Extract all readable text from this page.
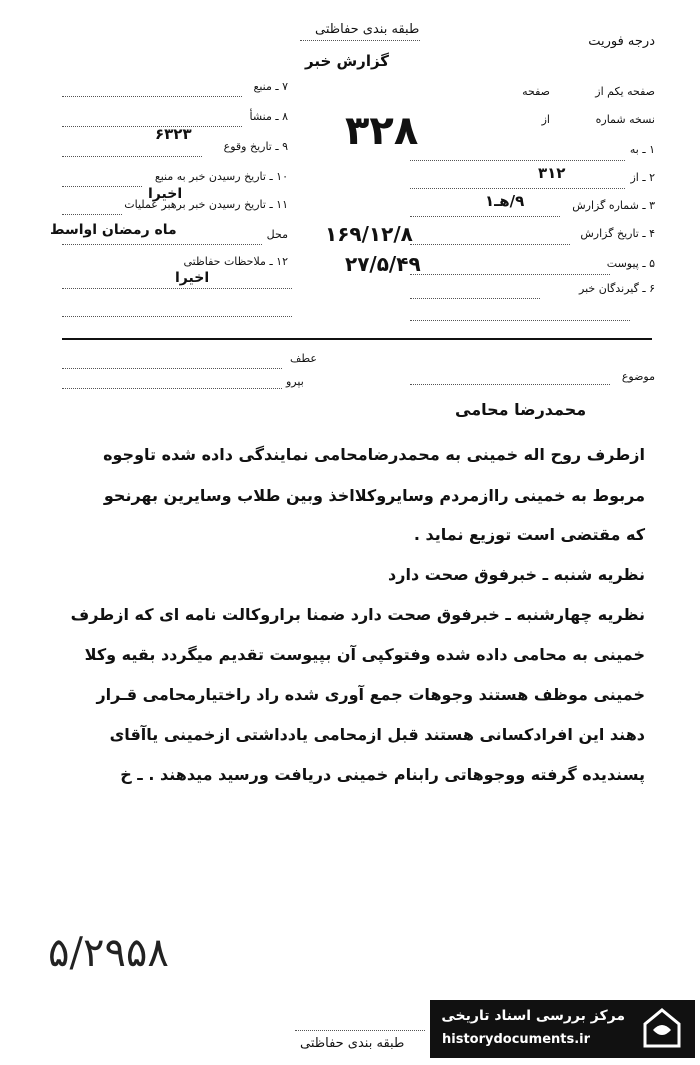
طبقه بندی حفاظتی
درجه فوریت
گزارش خبر
۷ ـ منبع
۸ ـ منشأ
۹ ـ تاریخ وقوع
۶۳۲۳
۱۰ ـ تاریخ رسیدن خبر به منبع
۱۱ ـ تاریخ رسیدن خبر برهبر عملیات
اخیرا
محل
ماه رمضان اواسط
۱۲ ـ ملاحظات حفاظتی
اخیرا
صفحه یکم از
صفحه
نسخه شماره
از
۱ ـ به
۲ ـ از
۳۱۲
۳ ـ شماره گزارش
۹/هـ۱
۴ ـ تاریخ گزارش
۱۶۹/۱۲/۸
۵ ـ پیوست
۲۷/۵/۴۹
۶ ـ گیرندگان خبر
۳۲۸
عطف
بپرو	موضوع
محمدرضا محامی
ازطرف روح اله خمینی به محمدرضامحامی نمایندگی داده شده تاوجوه
مربوط به خمینی راازمردم وسایروکلااخذ وبین طلاب وسایرین بهرنحو
که مقتضی است توزیع نماید .
نظریه شنبه ـ خبرفوق صحت دارد
نظریه چهارشنبه ـ خبرفوق صحت دارد ضمنا براروکالت نامه ای که ازطرف
خمینی به محامی داده شده وفتوکپی آن بپیوست تقدیم میگردد بقیه وکلا
خمینی موظف هستند وجوهات جمع آوری شده راد راختیارمحامی قـرار
دهند این افرادکسانی هستند قبل ازمحامی یادداشتی ازخمینی یاآقای
پسندیده گرفته ووجوهاتی رابنام خمینی دریافت ورسید میدهند . ـ خ
۵/۲۹۵۸
طبقه بندی حفاظتی
مرکز بررسی اسناد تاریخی
historydocuments.ir
